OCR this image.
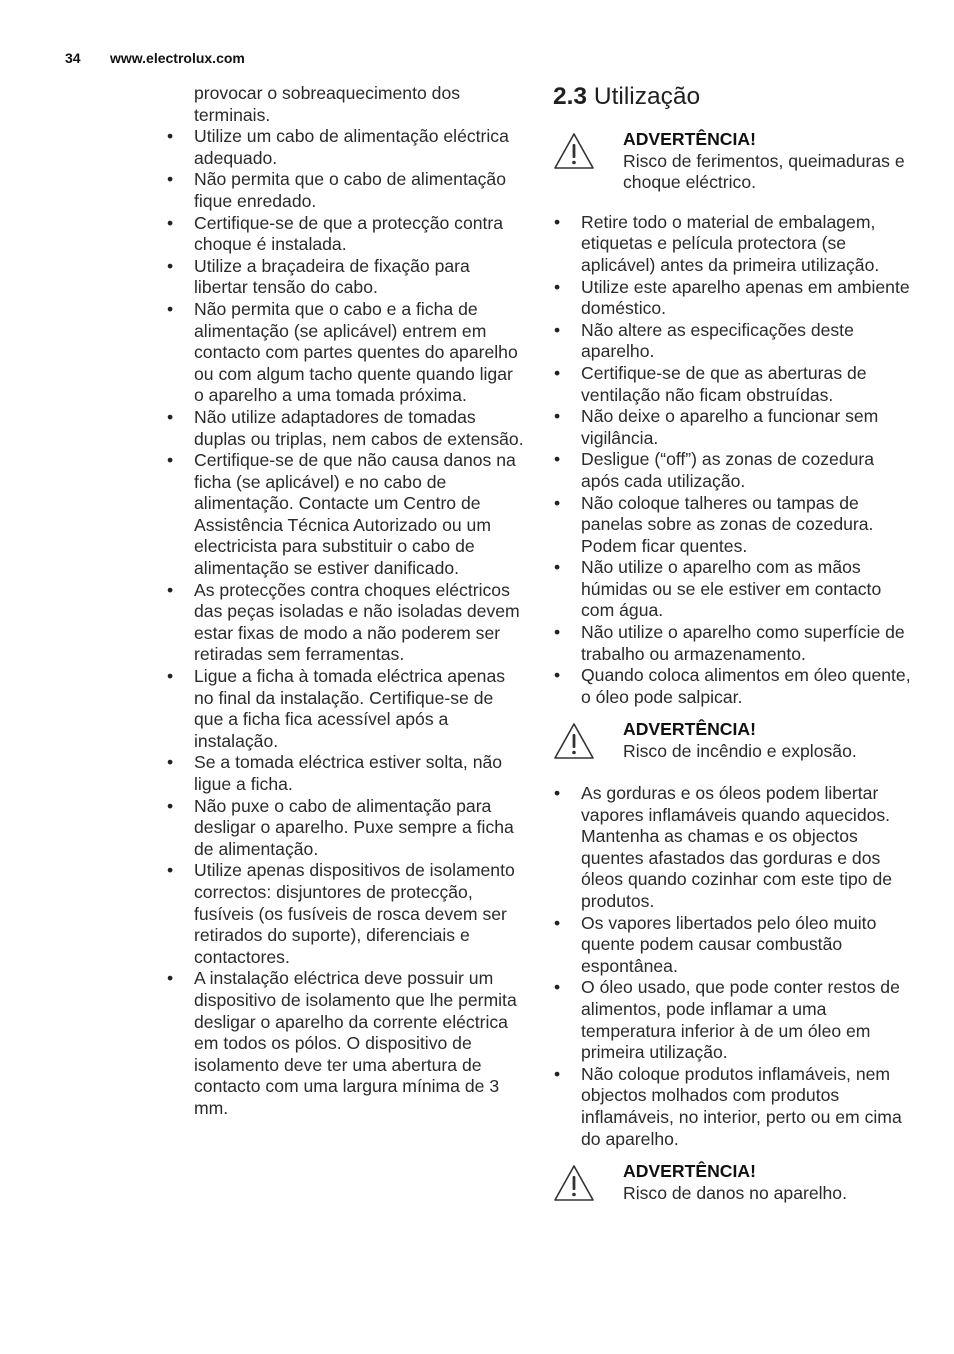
34 www.electrolux.com

provocar o sobreaquecimento dos terminais.

• Utilize um cabo de alimentação eléctrica adequado.
• Não permita que o cabo de alimentação fique enredado.
• Certifique-se de que a protecção contra choque é instalada.
• Utilize a braçadeira de fixação para libertar tensão do cabo.
• Não permita que o cabo e a ficha de alimentação (se aplicável) entrem em contacto com partes quentes do aparelho ou com algum tacho quente quando ligar o aparelho a uma tomada próxima.
• Não utilize adaptadores de tomadas duplas ou triplas, nem cabos de extensão.
• Certifique-se de que não causa danos na ficha (se aplicável) e no cabo de alimentação. Contacte um Centro de Assistência Técnica Autorizado ou um electricista para substituir o cabo de alimentação se estiver danificado.
• As protecções contra choques eléctricos das peças isoladas e não isoladas devem estar fixas de modo a não poderem ser retiradas sem ferramentas.
• Ligue a ficha à tomada eléctrica apenas no final da instalação. Certifique-se de que a ficha fica acessível após a instalação.
• Se a tomada eléctrica estiver solta, não ligue a ficha.
• Não puxe o cabo de alimentação para desligar o aparelho. Puxe sempre a ficha de alimentação.
• Utilize apenas dispositivos de isolamento correctos: disjuntores de protecção, fusíveis (os fusíveis de rosca devem ser retirados do suporte), diferenciais e contactores.
• A instalação eléctrica deve possuir um dispositivo de isolamento que lhe permita desligar o aparelho da corrente eléctrica em todos os pólos. O dispositivo de isolamento deve ter uma abertura de contacto com uma largura mínima de 3 mm.
2.3 Utilização
ADVERTÊNCIA!
Risco de ferimentos, queimaduras e choque eléctrico.
• Retire todo o material de embalagem, etiquetas e película protectora (se aplicável) antes da primeira utilização.
• Utilize este aparelho apenas em ambiente doméstico.
• Não altere as especificações deste aparelho.
• Certifique-se de que as aberturas de ventilação não ficam obstruídas.
• Não deixe o aparelho a funcionar sem vigilância.
• Desligue (“off”) as zonas de cozedura após cada utilização.
• Não coloque talheres ou tampas de panelas sobre as zonas de cozedura. Podem ficar quentes.
• Não utilize o aparelho com as mãos húmidas ou se ele estiver em contacto com água.
• Não utilize o aparelho como superfície de trabalho ou armazenamento.
• Quando coloca alimentos em óleo quente, o óleo pode salpicar.
ADVERTÊNCIA!
Risco de incêndio e explosão.
• As gorduras e os óleos podem libertar vapores inflamáveis quando aquecidos. Mantenha as chamas e os objectos quentes afastados das gorduras e dos óleos quando cozinhar com este tipo de produtos.
• Os vapores libertados pelo óleo muito quente podem causar combustão espontânea.
• O óleo usado, que pode conter restos de alimentos, pode inflamar a uma temperatura inferior à de um óleo em primeira utilização.
• Não coloque produtos inflamáveis, nem objectos molhados com produtos inflamáveis, no interior, perto ou em cima do aparelho.
ADVERTÊNCIA!
Risco de danos no aparelho.
